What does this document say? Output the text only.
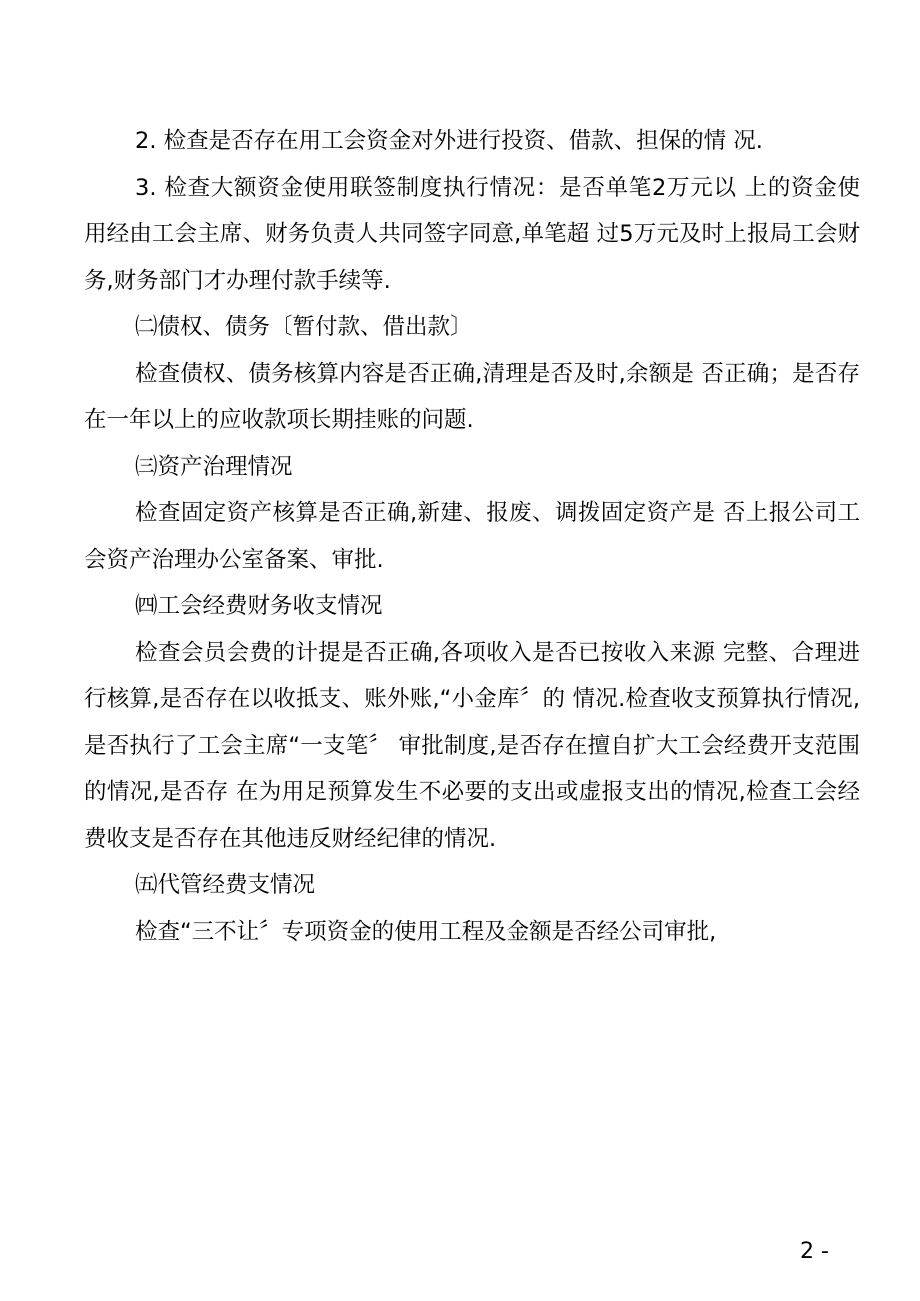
2. 检查是否存在用工会资金对外进行投资、借款、担保的情 况.

3. 检查大额资金使用联签制度执行情况：是否单笔2万元以 上的资金使用经由工会主席、财务负责人共同签字同意,单笔超 过5万元及时上报局工会财务,财务部门才办理付款手续等.

㈡债权、债务〔暂付款、借出款〕

检查债权、债务核算内容是否正确,清理是否及时,余额是 否正确；是否存在一年以上的应收款项长期挂账的问题.

㈢资产治理情况

检查固定资产核算是否正确,新建、报废、调拨固定资产是 否上报公司工会资产治理办公室备案、审批.

㈣工会经费财务收支情况

检查会员会费的计提是否正确,各项收入是否已按收入来源 完整、合理进行核算,是否存在以收抵支、账外账,“小金库〞的 情况.检查收支预算执行情况,是否执行了工会主席“一支笔〞 审批制度,是否存在擅自扩大工会经费开支范围的情况,是否存 在为用足预算发生不必要的支出或虚报支出的情况,检查工会经 费收支是否存在其他违反财经纪律的情况.

㈤代管经费支情况

检查“三不让〞专项资金的使用工程及金额是否经公司审批,

2 -
